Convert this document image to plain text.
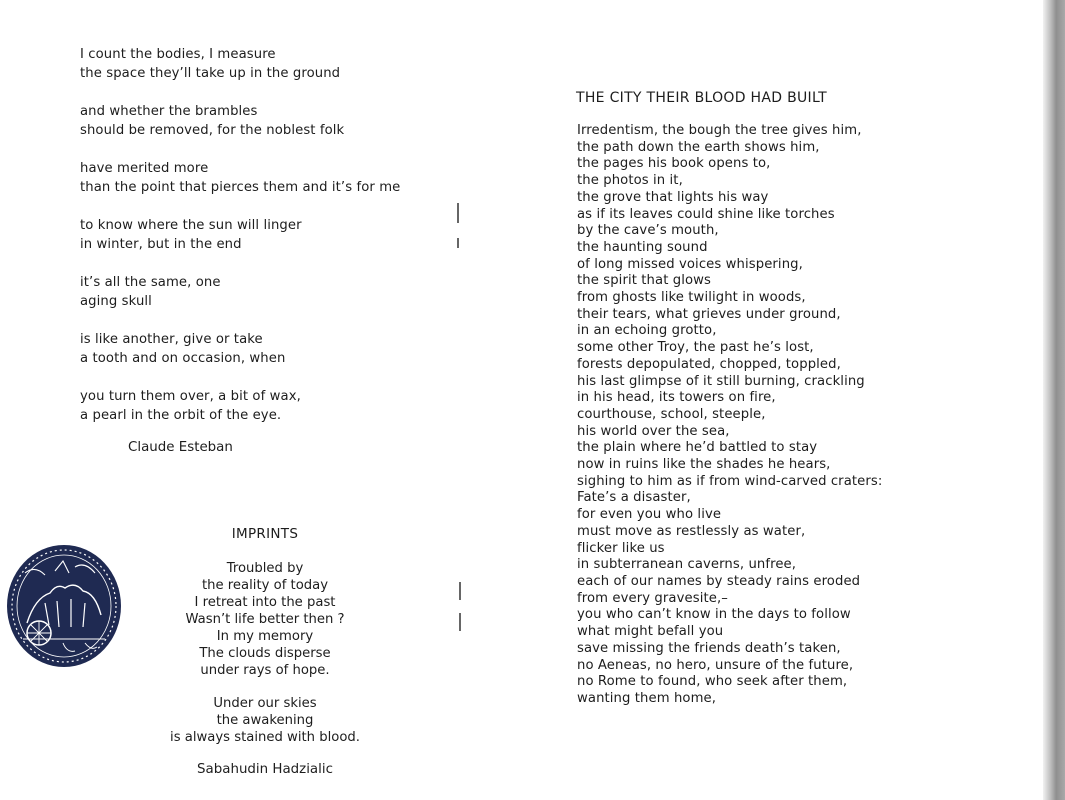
I count the bodies, I measure
the space they’ll take up in the ground
and whether the brambles
should be removed, for the noblest folk
have merited more
than the point that pierces them and it’s for me
to know where the sun will linger
in winter, but in the end
it’s all the same, one
aging skull
is like another, give or take
a tooth and on occasion, when
you turn them over, a bit of wax,
a pearl in the orbit of the eye.
Claude Esteban
IMPRINTS
Troubled by
the reality of today
I retreat into the past
Wasn’t life better then ?
In my memory
The clouds disperse
under rays of hope.
Under our skies
the awakening
is always stained with blood.
Sabahudin Hadzialic
THE CITY THEIR BLOOD HAD BUILT
Irredentism, the bough the tree gives him,
the path down the earth shows him,
the pages his book opens to,
the photos in it,
the grove that lights his way
as if its leaves could shine like torches
by the cave’s mouth,
the haunting sound
of long missed voices whispering,
the spirit that glows
from ghosts like twilight in woods,
their tears, what grieves under ground,
in an echoing grotto,
some other Troy, the past he’s lost,
forests depopulated, chopped, toppled,
his last glimpse of it still burning, crackling
in his head, its towers on fire,
courthouse, school, steeple,
his world over the sea,
the plain where he’d battled to stay
now in ruins like the shades he hears,
sighing to him as if from wind-carved craters:
Fate’s a disaster,
for even you who live
must move as restlessly as water,
flicker like us
in subterranean caverns, unfree,
each of our names by steady rains eroded
from every gravesite,–
you who can’t know in the days to follow
what might befall you
save missing the friends death’s taken,
no Aeneas, no hero, unsure of the future,
no Rome to found, who seek after them,
wanting them home,
